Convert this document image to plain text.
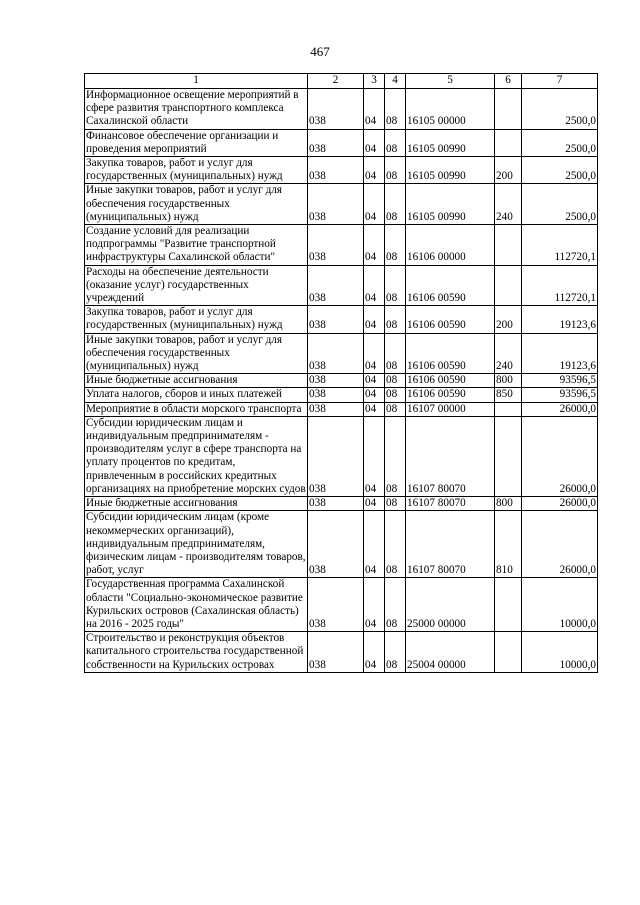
467
1	2	3	4	5	6	7
Информационное освещение мероприятий в сфере развития транспортного комплекса Сахалинской области	038	04	08	16105 00000		2500,0
Финансовое обеспечение организации и проведения мероприятий	038	04	08	16105 00990		2500,0
Закупка товаров, работ и услуг для государственных (муниципальных) нужд	038	04	08	16105 00990	200	2500,0
Иные закупки товаров, работ и услуг для обеспечения государственных (муниципальных) нужд	038	04	08	16105 00990	240	2500,0
Создание условий для реализации подпрограммы "Развитие транспортной инфраструктуры Сахалинской области"	038	04	08	16106 00000		112720,1
Расходы на обеспечение деятельности (оказание услуг) государственных учреждений	038	04	08	16106 00590		112720,1
Закупка товаров, работ и услуг для государственных (муниципальных) нужд	038	04	08	16106 00590	200	19123,6
Иные закупки товаров, работ и услуг для обеспечения государственных (муниципальных) нужд	038	04	08	16106 00590	240	19123,6
Иные бюджетные ассигнования	038	04	08	16106 00590	800	93596,5
Уплата налогов, сборов и иных платежей	038	04	08	16106 00590	850	93596,5
Мероприятие в области морского транспорта	038	04	08	16107 00000		26000,0
Субсидии юридическим лицам и индивидуальным предпринимателям - производителям услуг в сфере транспорта на уплату процентов по кредитам, привлеченным в российских кредитных организациях на приобретение морских судов	038	04	08	16107 80070		26000,0
Иные бюджетные ассигнования	038	04	08	16107 80070	800	26000,0
Субсидии юридическим лицам (кроме некоммерческих организаций), индивидуальным предпринимателям, физическим лицам - производителям товаров, работ, услуг	038	04	08	16107 80070	810	26000,0
Государственная программа Сахалинской области "Социально-экономическое развитие Курильских островов (Сахалинская область) на 2016 - 2025 годы"	038	04	08	25000 00000		10000,0
Строительство и реконструкция объектов капитального строительства государственной собственности на Курильских островах	038	04	08	25004 00000		10000,0
